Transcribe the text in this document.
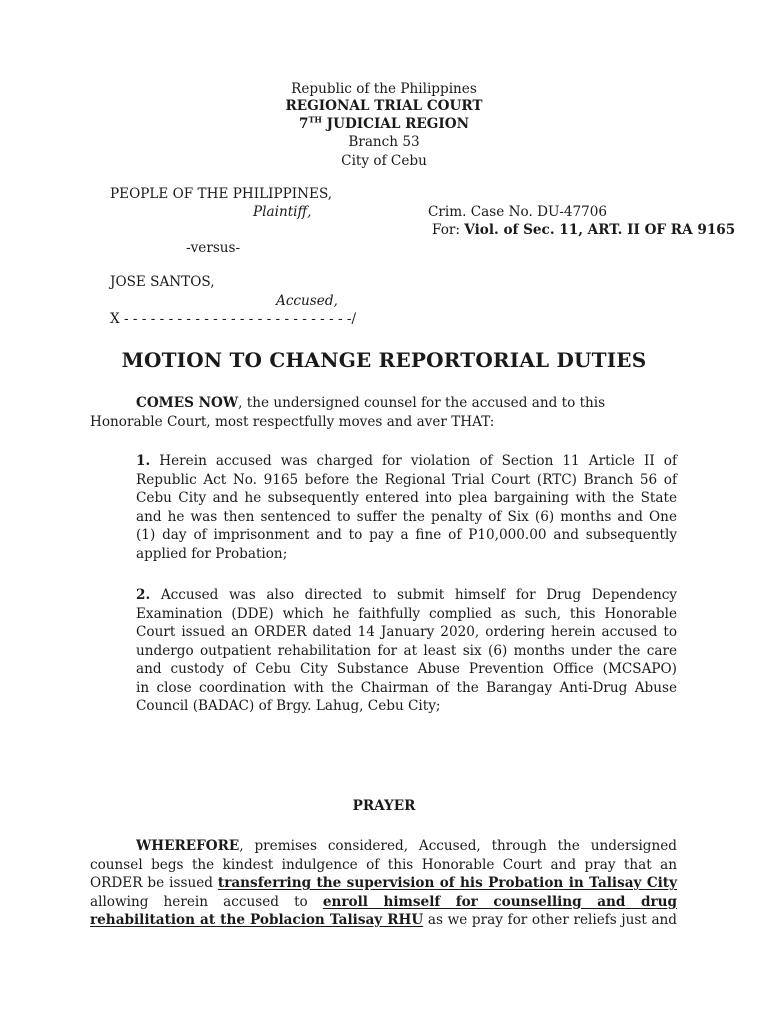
Republic of the Philippines
REGIONAL TRIAL COURT
7TH JUDICIAL REGION
Branch 53
City of Cebu
PEOPLE OF THE PHILIPPINES,
Plaintiff,	Crim. Case No. DU-47706
For: Viol. of Sec. 11, ART. II OF RA 9165
-versus-
JOSE SANTOS,
Accused,
X - - - - - - - - - - - - - - - - - - - - - - - - - -/
MOTION TO CHANGE REPORTORIAL DUTIES
COMES NOW, the undersigned counsel for the accused and to this
Honorable Court, most respectfully moves and aver THAT:
1. Herein accused was charged for violation of Section 11 Article II of
Republic Act No. 9165 before the Regional Trial Court (RTC) Branch 56 of
Cebu City and he subsequently entered into plea bargaining with the State
and he was then sentenced to suffer the penalty of Six (6) months and One
(1) day of imprisonment and to pay a fine of P10,000.00 and subsequently
applied for Probation;
2. Accused was also directed to submit himself for Drug Dependency
Examination (DDE) which he faithfully complied as such, this Honorable
Court issued an ORDER dated 14 January 2020, ordering herein accused to
undergo outpatient rehabilitation for at least six (6) months under the care
and custody of Cebu City Substance Abuse Prevention Office (MCSAPO)
in close coordination with the Chairman of the Barangay Anti-Drug Abuse
Council (BADAC) of Brgy. Lahug, Cebu City;
PRAYER
WHEREFORE, premises considered, Accused, through the undersigned
counsel begs the kindest indulgence of this Honorable Court and pray that an
ORDER be issued transferring the supervision of his Probation in Talisay City
allowing herein accused to enroll himself for counselling and drug
rehabilitation at the Poblacion Talisay RHU as we pray for other reliefs just and
